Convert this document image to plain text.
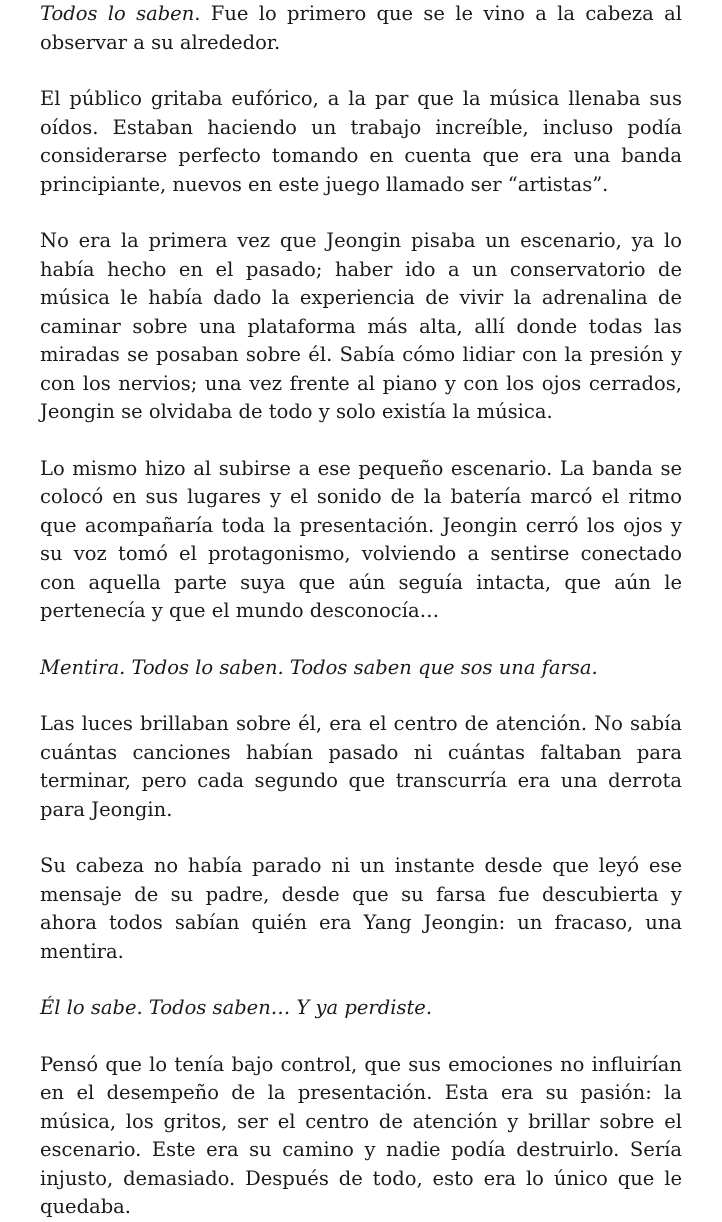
Todos lo saben. Fue lo primero que se le vino a la cabeza al observar a su alrededor.

El público gritaba eufórico, a la par que la música llenaba sus oídos. Estaban haciendo un trabajo increíble, incluso podía considerarse perfecto tomando en cuenta que era una banda principiante, nuevos en este juego llamado ser “artistas”.

No era la primera vez que Jeongin pisaba un escenario, ya lo había hecho en el pasado; haber ido a un conservatorio de música le había dado la experiencia de vivir la adrenalina de caminar sobre una plataforma más alta, allí donde todas las miradas se posaban sobre él. Sabía cómo lidiar con la presión y con los nervios; una vez frente al piano y con los ojos cerrados, Jeongin se olvidaba de todo y solo existía la música.

Lo mismo hizo al subirse a ese pequeño escenario. La banda se colocó en sus lugares y el sonido de la batería marcó el ritmo que acompañaría toda la presentación. Jeongin cerró los ojos y su voz tomó el protagonismo, volviendo a sentirse conectado con aquella parte suya que aún seguía intacta, que aún le pertenecía y que el mundo desconocía…

Mentira. Todos lo saben. Todos saben que sos una farsa.

Las luces brillaban sobre él, era el centro de atención. No sabía cuántas canciones habían pasado ni cuántas faltaban para terminar, pero cada segundo que transcurría era una derrota para Jeongin.

Su cabeza no había parado ni un instante desde que leyó ese mensaje de su padre, desde que su farsa fue descubierta y ahora todos sabían quién era Yang Jeongin: un fracaso, una mentira.

Él lo sabe. Todos saben… Y ya perdiste.

Pensó que lo tenía bajo control, que sus emociones no influirían en el desempeño de la presentación. Esta era su pasión: la música, los gritos, ser el centro de atención y brillar sobre el escenario. Este era su camino y nadie podía destruirlo. Sería injusto, demasiado. Después de todo, esto era lo único que le quedaba.
